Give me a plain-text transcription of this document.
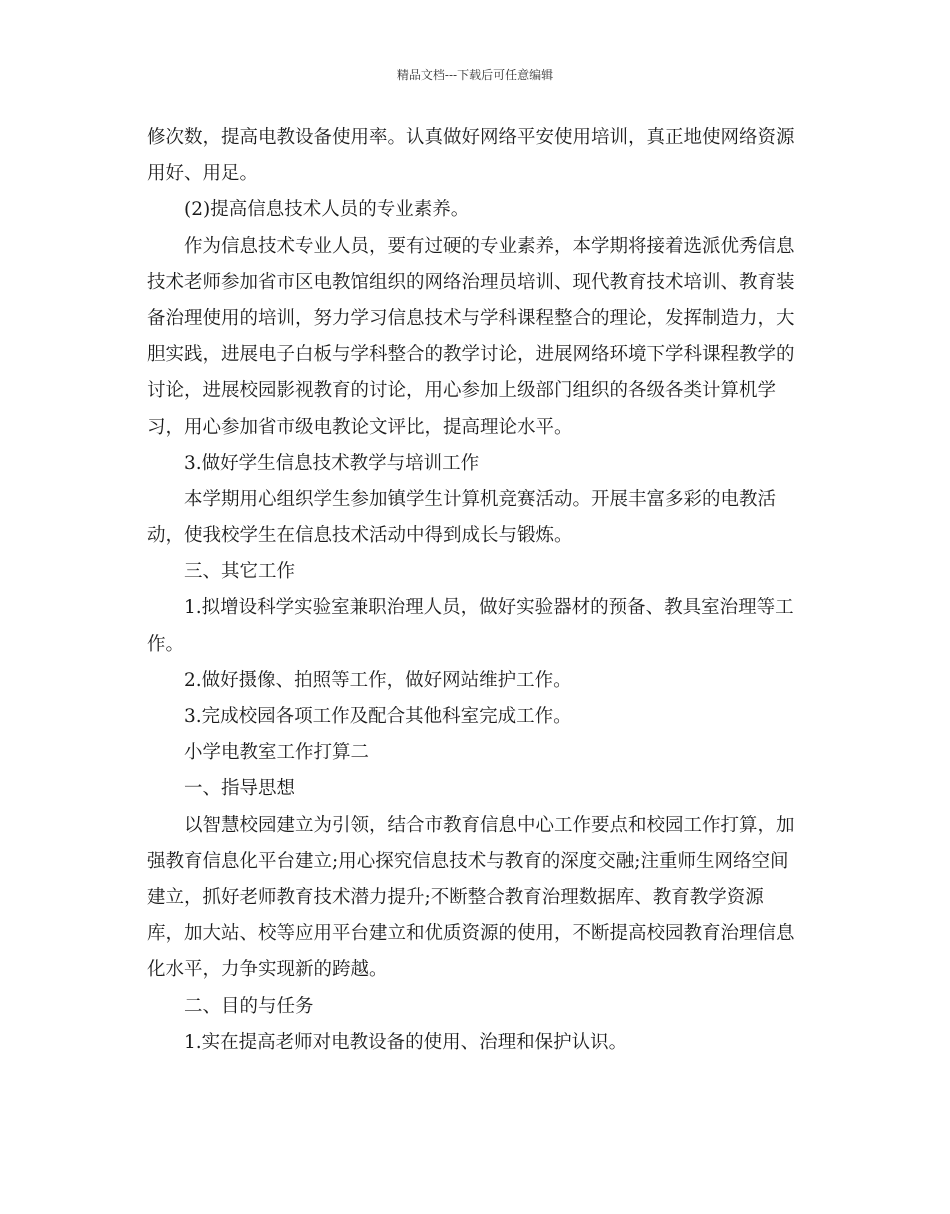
精品文档---下载后可任意编辑
修次数，提高电教设备使用率。认真做好网络平安使用培训，真正地使网络资源
用好、用足。
(2)提高信息技术人员的专业素养。
作为信息技术专业人员，要有过硬的专业素养，本学期将接着选派优秀信息
技术老师参加省市区电教馆组织的网络治理员培训、现代教育技术培训、教育装
备治理使用的培训，努力学习信息技术与学科课程整合的理论，发挥制造力，大
胆实践，进展电子白板与学科整合的教学讨论，进展网络环境下学科课程教学的
讨论，进展校园影视教育的讨论，用心参加上级部门组织的各级各类计算机学
习，用心参加省市级电教论文评比，提高理论水平。
3.做好学生信息技术教学与培训工作
本学期用心组织学生参加镇学生计算机竞赛活动。开展丰富多彩的电教活
动，使我校学生在信息技术活动中得到成长与锻炼。
三、其它工作
1.拟增设科学实验室兼职治理人员，做好实验器材的预备、教具室治理等工
作。
2.做好摄像、拍照等工作，做好网站维护工作。
3.完成校园各项工作及配合其他科室完成工作。
小学电教室工作打算二
一、指导思想
以智慧校园建立为引领，结合市教育信息中心工作要点和校园工作打算，加
强教育信息化平台建立;用心探究信息技术与教育的深度交融;注重师生网络空间
建立，抓好老师教育技术潜力提升;不断整合教育治理数据库、教育教学资源
库，加大站、校等应用平台建立和优质资源的使用，不断提高校园教育治理信息
化水平，力争实现新的跨越。
二、目的与任务
1.实在提高老师对电教设备的使用、治理和保护认识。
